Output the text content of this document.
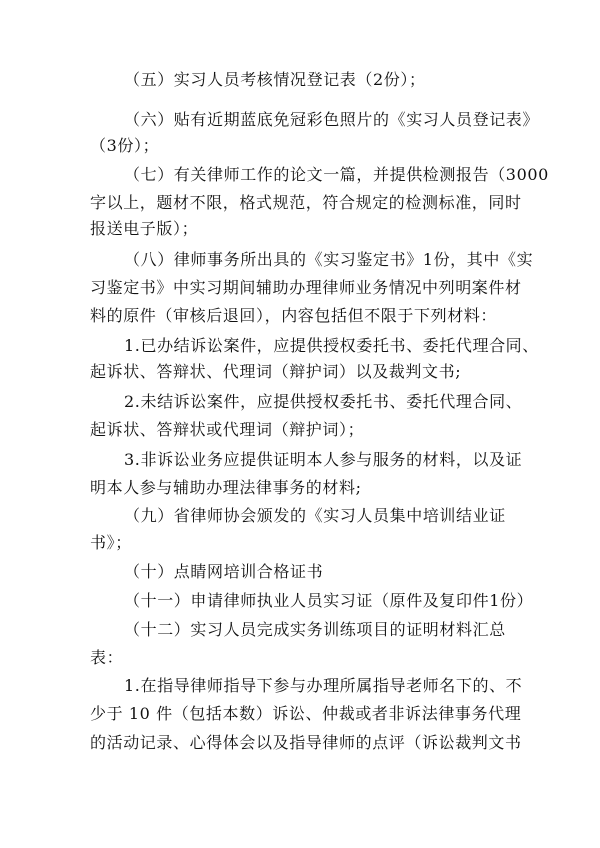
（五）实习人员考核情况登记表（2份）；
（六）贴有近期蓝底免冠彩色照片的《实习人员登记表》
（3份）；
（七）有关律师工作的论文一篇，并提供检测报告（3000
字以上，题材不限，格式规范，符合规定的检测标准，同时
报送电子版）；
（八）律师事务所出具的《实习鉴定书》1份，其中《实
习鉴定书》中实习期间辅助办理律师业务情况中列明案件材
料的原件（审核后退回），内容包括但不限于下列材料：
1.已办结诉讼案件，应提供授权委托书、委托代理合同、
起诉状、答辩状、代理词（辩护词）以及裁判文书;
2.未结诉讼案件，应提供授权委托书、委托代理合同、
起诉状、答辩状或代理词（辩护词）；
3.非诉讼业务应提供证明本人参与服务的材料，以及证
明本人参与辅助办理法律事务的材料;
（九）省律师协会颁发的《实习人员集中培训结业证
书》；
（十）点睛网培训合格证书
（十一）申请律师执业人员实习证（原件及复印件1份）
（十二）实习人员完成实务训练项目的证明材料汇总
表：
1.在指导律师指导下参与办理所属指导老师名下的、不
少于 10 件（包括本数）诉讼、仲裁或者非诉法律事务代理
的活动记录、心得体会以及指导律师的点评（诉讼裁判文书
